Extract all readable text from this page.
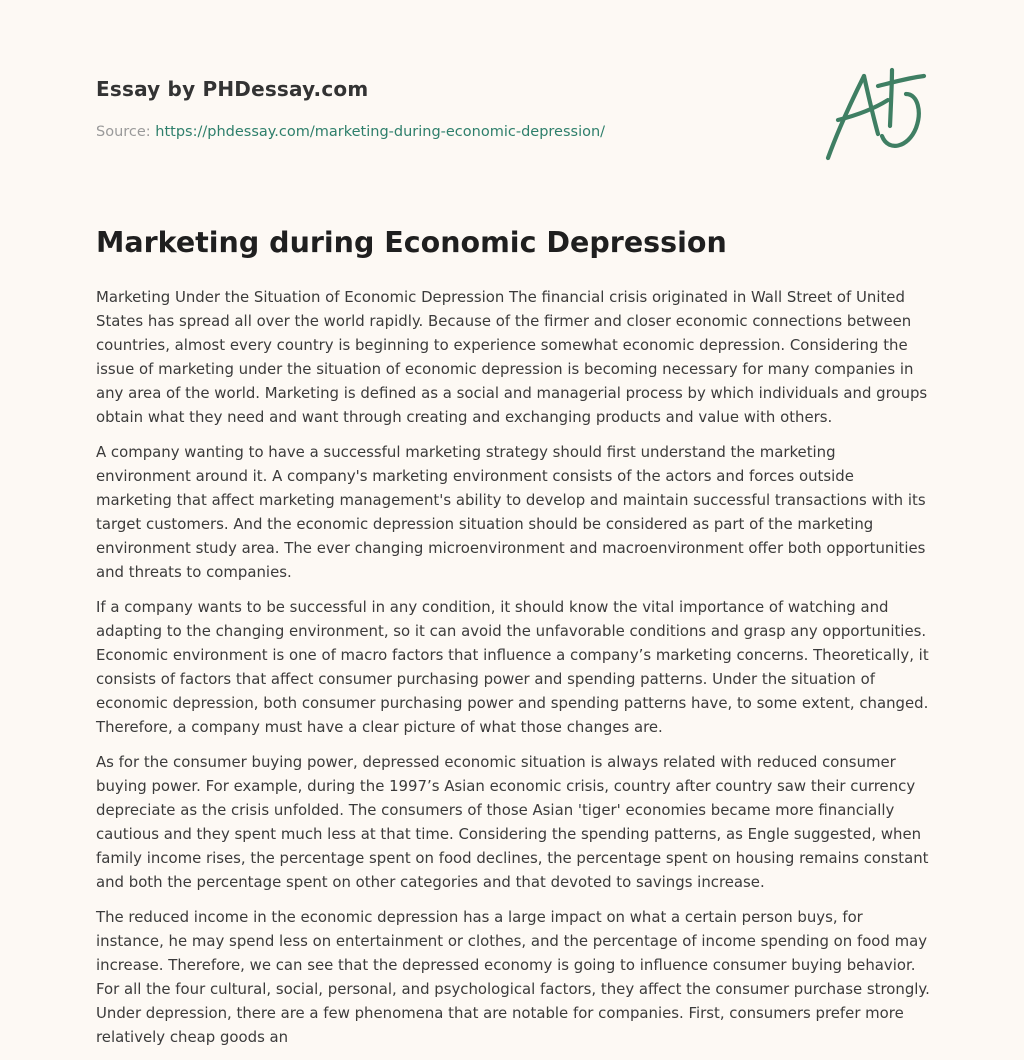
Essay by PHDessay.com
Source: https://phdessay.com/marketing-during-economic-depression/
Marketing during Economic Depression

Marketing Under the Situation of Economic Depression The financial crisis originated in Wall Street of United States has spread all over the world rapidly. Because of the firmer and closer economic connections between countries, almost every country is beginning to experience somewhat economic depression. Considering the issue of marketing under the situation of economic depression is becoming necessary for many companies in any area of the world. Marketing is defined as a social and managerial process by which individuals and groups obtain what they need and want through creating and exchanging products and value with others.

A company wanting to have a successful marketing strategy should first understand the marketing environment around it. A company's marketing environment consists of the actors and forces outside marketing that affect marketing management's ability to develop and maintain successful transactions with its target customers. And the economic depression situation should be considered as part of the marketing environment study area. The ever changing microenvironment and macroenvironment offer both opportunities and threats to companies.

If a company wants to be successful in any condition, it should know the vital importance of watching and adapting to the changing environment, so it can avoid the unfavorable conditions and grasp any opportunities. Economic environment is one of macro factors that influence a company’s marketing concerns. Theoretically, it consists of factors that affect consumer purchasing power and spending patterns. Under the situation of economic depression, both consumer purchasing power and spending patterns have, to some extent, changed. Therefore, a company must have a clear picture of what those changes are.

As for the consumer buying power, depressed economic situation is always related with reduced consumer buying power. For example, during the 1997’s Asian economic crisis, country after country saw their currency depreciate as the crisis unfolded. The consumers of those Asian 'tiger' economies became more financially cautious and they spent much less at that time. Considering the spending patterns, as Engle suggested, when family income rises, the percentage spent on food declines, the percentage spent on housing remains constant and both the percentage spent on other categories and that devoted to savings increase.

The reduced income in the economic depression has a large impact on what a certain person buys, for instance, he may spend less on entertainment or clothes, and the percentage of income spending on food may increase. Therefore, we can see that the depressed economy is going to influence consumer buying behavior. For all the four cultural, social, personal, and psychological factors, they affect the consumer purchase strongly. Under depression, there are a few phenomena that are notable for companies. First, consumers prefer more relatively cheap goods an
